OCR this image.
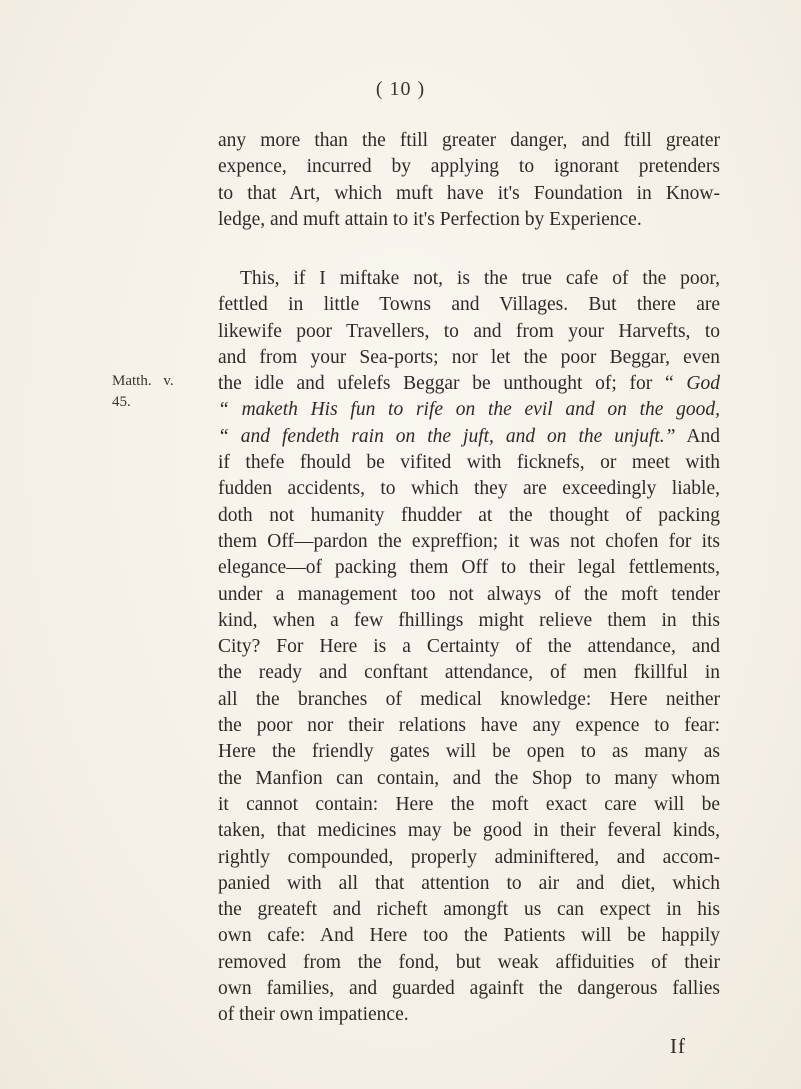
( 10 )
Matth. v.
45.
any more than the ftill greater danger, and ftill greater
expence, incurred by applying to ignorant pretenders
to that Art, which muft have it's Foundation in Know-
ledge, and muft attain to it's Perfection by Experience.
This, if I miftake not, is the true cafe of the poor,
fettled in little Towns and Villages. But there are
likewife poor Travellers, to and from your Harvefts, to
and from your Sea-ports; nor let the poor Beggar, even
the idle and ufelefs Beggar be unthought of; for “ God
“ maketh His fun to rife on the evil and on the good,
“ and fendeth rain on the juft, and on the unjuft.” And
if thefe fhould be vifited with ficknefs, or meet with
fudden accidents, to which they are exceedingly liable,
doth not humanity fhudder at the thought of packing
them Off—pardon the expreffion; it was not chofen for its
elegance—of packing them Off to their legal fettlements,
under a management too not always of the moft tender
kind, when a few fhillings might relieve them in this
City? For Here is a Certainty of the attendance, and
the ready and conftant attendance, of men fkillful in
all the branches of medical knowledge: Here neither
the poor nor their relations have any expence to fear:
Here the friendly gates will be open to as many as
the Manfion can contain, and the Shop to many whom
it cannot contain: Here the moft exact care will be
taken, that medicines may be good in their feveral kinds,
rightly compounded, properly adminiftered, and accom-
panied with all that attention to air and diet, which
the greateft and richeft amongft us can expect in his
own cafe: And Here too the Patients will be happily
removed from the fond, but weak affiduities of their
own families, and guarded againft the dangerous fallies
of their own impatience.
If
